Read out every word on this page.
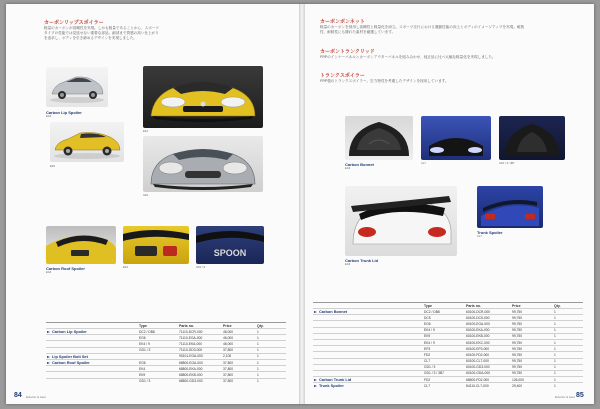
カーボンリップスポイラー
軽量のカーボンが高剛性を実現。しかも軽量であることから、スポーツタイプの性能では見逃せない重要な部品。細部まで質感の高い仕上がりを追求し、ボディを引き締めるデザインを実現しました。
Carbon Lip Spoiler
EG3
EK4
EK9
GD1
SPOON
Carbon Roof Spoiler
EG3
EK4	GD1 / S
		Type	Parts no.	Price	Qty.
Carbon Lip Spoiler		DC2 / DB8	71110-DCR-000	46,000	1
		EG6	71110-EGA-000	46,000	1
		EK4 / 9	71110-EKA-000	46,000	1
		GD1 / 3	71110-GD3-000	37,800	1
Lip Spoiler Bolt Set			90101-EGA-000	2,100	1
Carbon Roof Spoiler		EG6	68800-EGA-000	37,800	1
		EK4	68800-EKA-000	37,800	1
		EK9	68800-EKB-000	37,800	1
		GD1 / 3	68800-GD3-000	37,800	1
84 Exterior & Aero
カーボンボンネット
軽量のカーボンを採用し高剛性と軽量化を両立。スポーツ走行における運動性能の向上とボディのイメージアップを実現。耐熱性、耐候性にも優れた素材を厳選しています。
カーボントランクリッド
FRPのインナーパネルとカーボンアウターパネルを組み合わせ、純正品に比べ大幅な軽量化を実現しました。
トランクスポイラー
FRP製のトランクスポイラー。空力特性を考慮したデザインを採用しています。
Carbon Bonnet
EG6
CL7	GD1 / 3 / 3B7
Carbon Trunk Lid
EG6
Trunk Spoiler
CL7
		Type	Parts no.	Price	Qty.
Carbon Bonnet		DC2 / DB8	60100-DCR-000	99,750	1
		DC5	60100-DC5-000	99,750	1
		EG6	60100-EGA-000	99,750	1
		EK4 / 9	60100-EKA-000	99,750	1
		EK9	60100-EKB-000	99,750	1
		EK4 / 9	60100-EKC-000	99,750	1
		EP3	60100-EP3-000	99,750	1
		FD2	60100-FD2-000	99,750	1
		CL7	60100-CL7-000	99,750	1
		GD1 / 3	60100-GD3-000	99,750	1
		GD1 / 3 / 3B7	60100-GDA-000	99,750	1
Carbon Trunk Lid		FD2	68500-FD2-000	126,000	1
Trunk Spoiler		CL7	84110-CL7-000	29,400	1
Exterior & Aero 85
